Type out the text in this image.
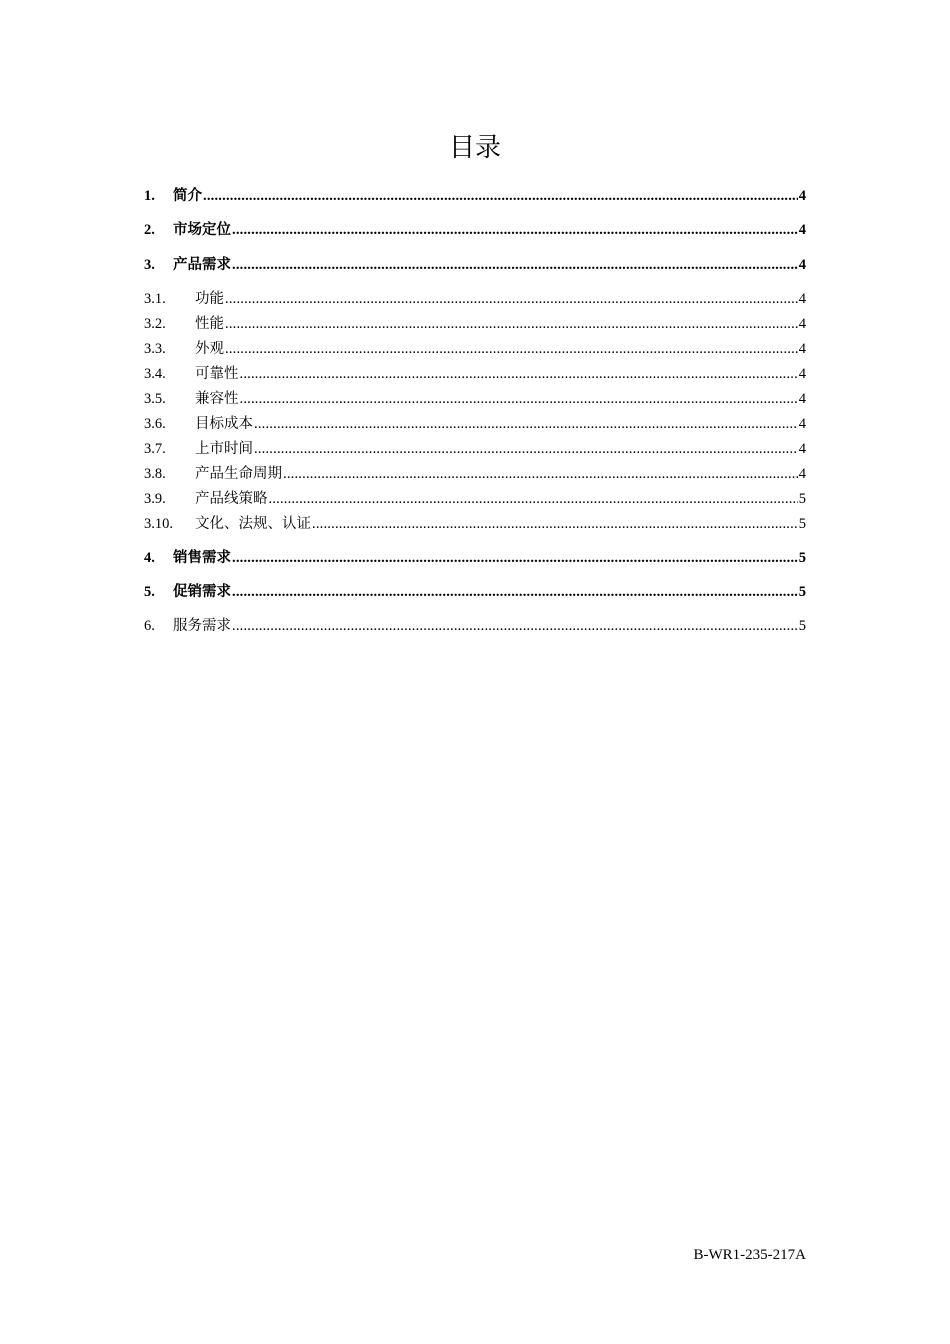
目录
1.	简介 .....	4
2.	市场定位 .....	4
3.	产品需求 .....	4
3.1.	功能 .....	4
3.2.	性能 .....	4
3.3.	外观 .....	4
3.4.	可靠性 .....	4
3.5.	兼容性 .....	4
3.6.	目标成本 .....	4
3.7.	上市时间 .....	4
3.8.	产品生命周期 .....	4
3.9.	产品线策略 .....	5
3.10.	文化、法规、认证 .....	5
4.	销售需求 .....	5
5.	促销需求 .....	5
6.	服务需求 .....	5
B-WR1-235-217A
